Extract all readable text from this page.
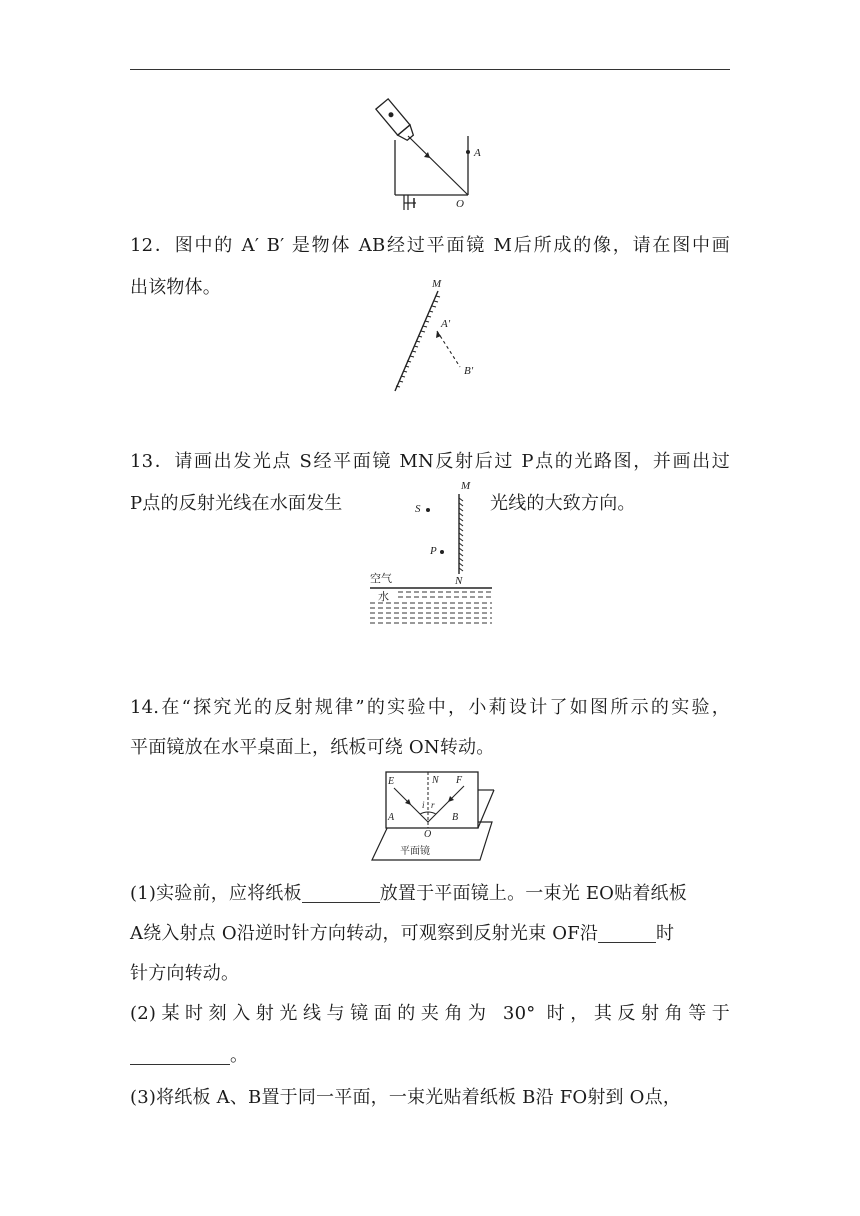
A
O

12．图中的 A′ B′ 是物体 AB经过平面镜 M后所成的像，请在图中画

出该物体。	M
A′
B′

13．请画出发光点 S经平面镜 MN反射后过 P点的光路图，并画出过

P点的反射光线在水面发生	光线的大致方向。

M
S
P
N
空气
水

14.在“探究光的反射规律”的实验中，小莉设计了如图所示的实验，

平面镜放在水平桌面上，纸板可绕 ON转动。

E	N F
i r
A	B
O
平面镜

(1)实验前，应将纸板	放置于平面镜上。一束光 EO贴着纸板

A绕入射点 O沿逆时针方向转动，可观察到反射光束 OF沿	时

针方向转动。

(2)某时刻入射光线与镜面的夹角为 30° 时，其反射角等于

。

(3)将纸板 A、B置于同一平面，一束光贴着纸板 B沿 FO射到 O点，
